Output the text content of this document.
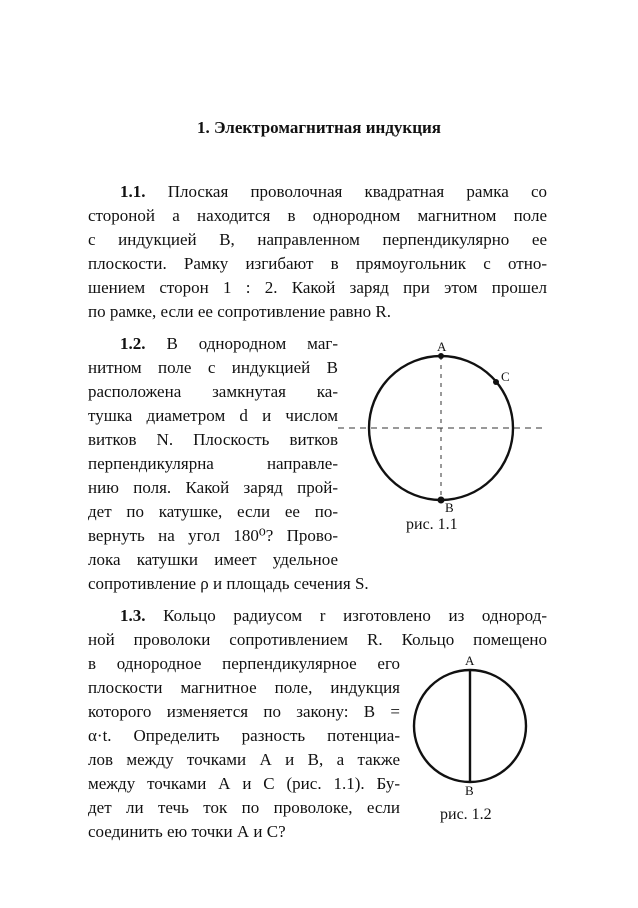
1. Электромагнитная индукция
1.1. Плоская проволочная квадратная рамка со
стороной a находится в однородном магнитном поле
с индукцией В, направленном перпендикулярно ее
плоскости. Рамку изгибают в прямоугольник с отно-
шением сторон 1 : 2. Какой заряд при этом прошел
по рамке, если ее сопротивление равно R.
1.2. В однородном маг-
нитном поле с индукцией В
расположена замкнутая ка-
тушка диаметром d и числом
витков N. Плоскость витков
перпендикулярна направле-
нию поля. Какой заряд прой-
дет по катушке, если ее по-
вернуть на угол 180⁰? Прово-
лока катушки имеет удельное
сопротивление ρ и площадь сечения S.
A
B
C
рис. 1.1
1.3. Кольцо радиусом r изготовлено из однород-
ной проволоки сопротивлением R. Кольцо помещено
в однородное перпендикулярное его
плоскости магнитное поле, индукция
которого изменяется по закону: В =
α·t. Определить разность потенциа-
лов между точками А и В, а также
между точками А и С (рис. 1.1). Бу-
дет ли течь ток по проволоке, если
соединить ею точки А и С?
A
B
рис. 1.2
